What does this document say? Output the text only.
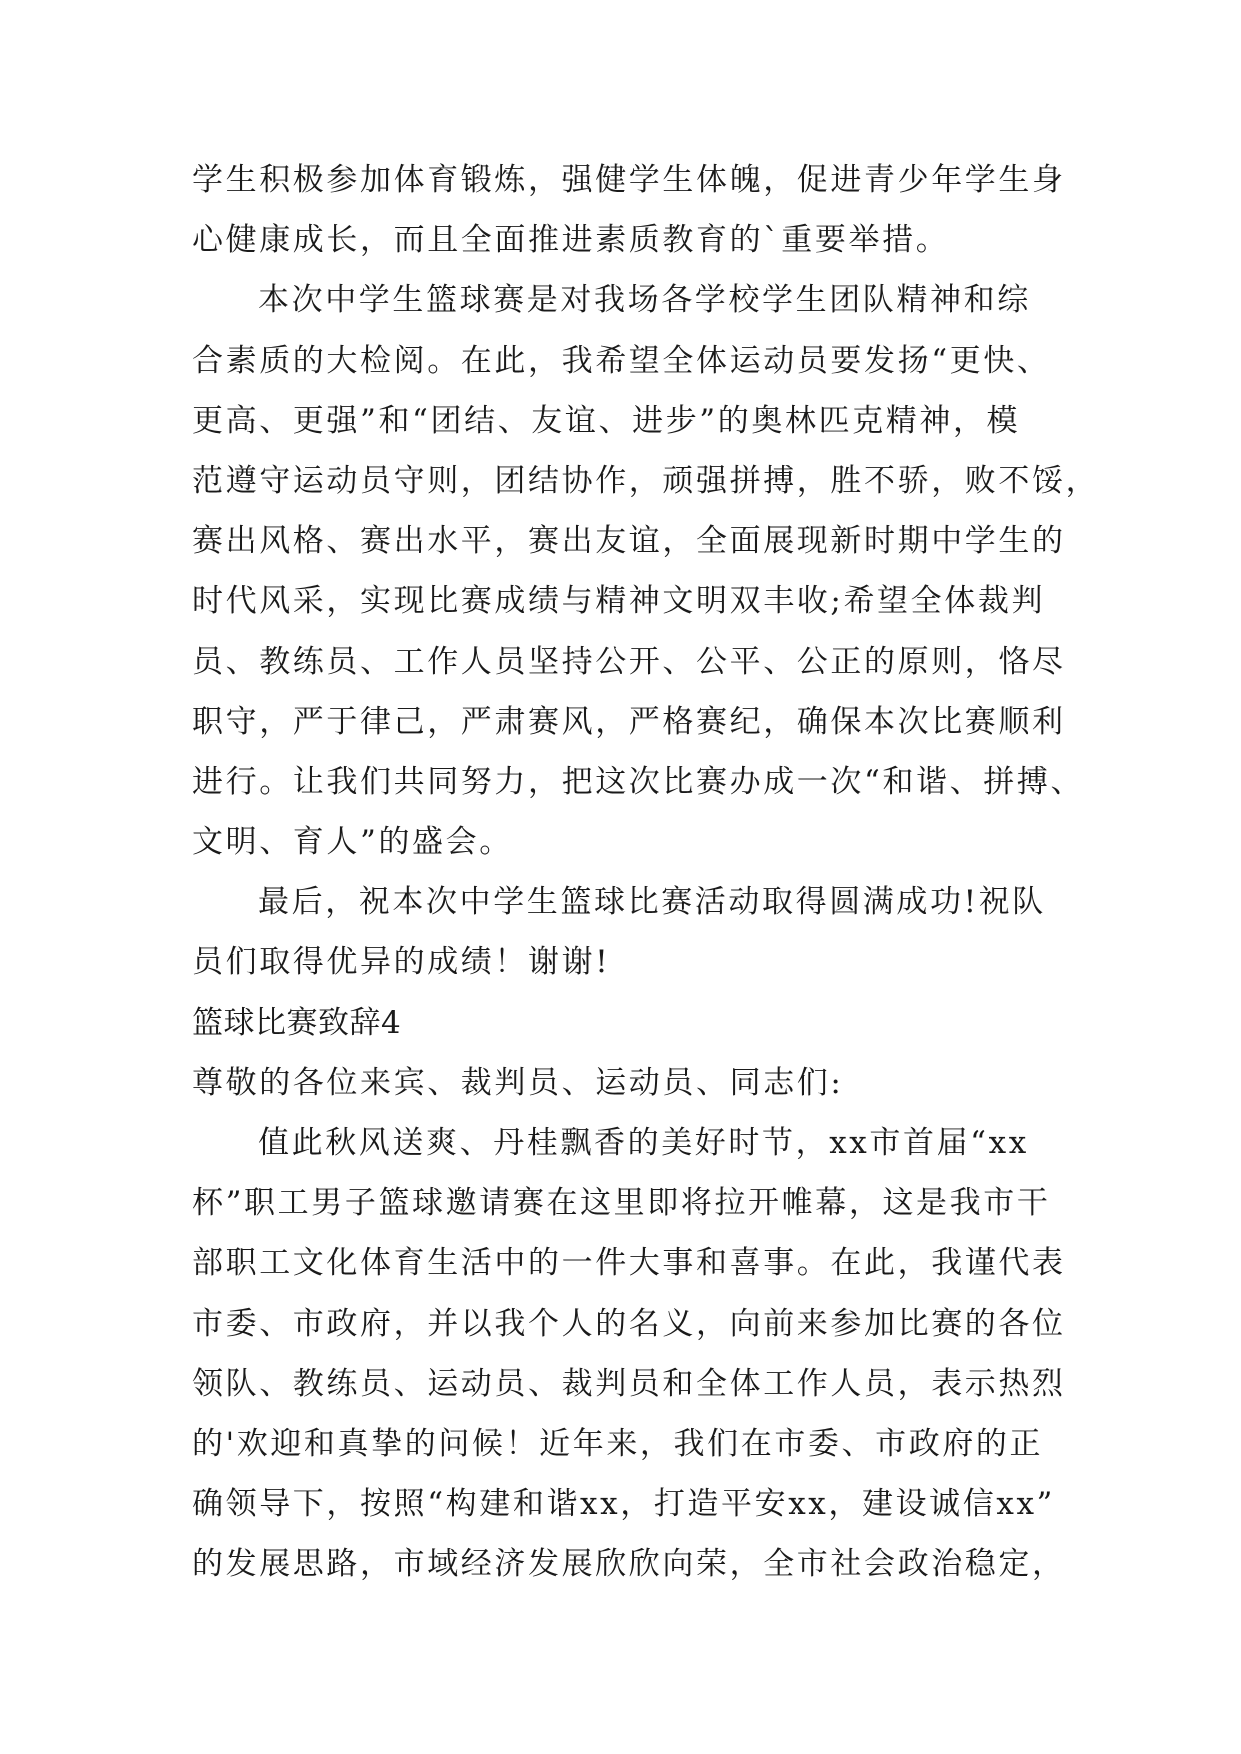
学生积极参加体育锻炼，强健学生体魄，促进青少年学生身
心健康成长，而且全面推进素质教育的`重要举措。
本次中学生篮球赛是对我场各学校学生团队精神和综
合素质的大检阅。在此，我希望全体运动员要发扬“更快、
更高、更强”和“团结、友谊、进步”的奥林匹克精神，模
范遵守运动员守则，团结协作，顽强拼搏，胜不骄，败不馁，
赛出风格、赛出水平，赛出友谊，全面展现新时期中学生的
时代风采，实现比赛成绩与精神文明双丰收;希望全体裁判
员、教练员、工作人员坚持公开、公平、公正的原则，恪尽
职守，严于律己，严肃赛风，严格赛纪，确保本次比赛顺利
进行。让我们共同努力，把这次比赛办成一次“和谐、拼搏、
文明、育人”的盛会。
最后，祝本次中学生篮球比赛活动取得圆满成功!祝队
员们取得优异的成绩！谢谢!
篮球比赛致辞4
尊敬的各位来宾、裁判员、运动员、同志们:
值此秋风送爽、丹桂飘香的美好时节，xx市首届“xx
杯”职工男子篮球邀请赛在这里即将拉开帷幕，这是我市干
部职工文化体育生活中的一件大事和喜事。在此，我谨代表
市委、市政府，并以我个人的名义，向前来参加比赛的各位
领队、教练员、运动员、裁判员和全体工作人员，表示热烈
的'欢迎和真挚的问候！近年来，我们在市委、市政府的正
确领导下，按照“构建和谐xx，打造平安xx，建设诚信xx”
的发展思路，市域经济发展欣欣向荣，全市社会政治稳定，
